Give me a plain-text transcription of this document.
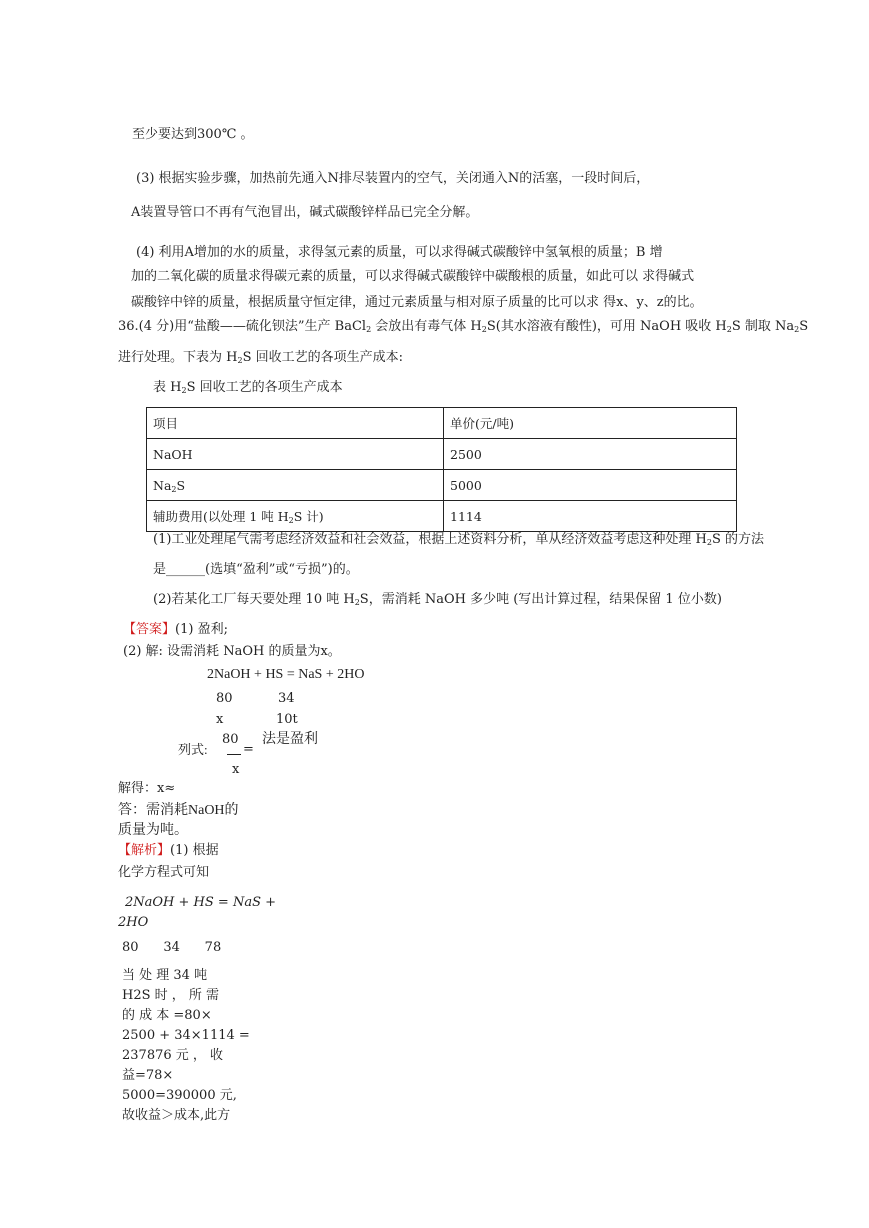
至少要达到300℃ 。
(3) 根据实验步骤，加热前先通入N排尽装置内的空气，关闭通入N的活塞，一段时间后，
A装置导管口不再有气泡冒出，碱式碳酸锌样品已完全分解。
(4) 利用A增加的水的质量，求得氢元素的质量，可以求得碱式碳酸锌中氢氧根的质量；B 增
加的二氧化碳的质量求得碳元素的质量，可以求得碱式碳酸锌中碳酸根的质量，如此可以 求得碱式
碳酸锌中锌的质量，根据质量守恒定律，通过元素质量与相对原子质量的比可以求 得x、y、z的比。
36.(4 分)用“盐酸——硫化钡法”生产 BaCl$_2$ 会放出有毒气体 $H_2S$(其水溶液有酸性)，可用 NaOH 吸收 $H_2S$ 制取 $Na_2S$
进行处理。下表为 $H_2S$ 回收工艺的各项生产成本:
表 $H_2S$ 回收工艺的各项生产成本
项目	单价(元/吨)
NaOH	2500
$Na_2S$	5000
辅助费用(以处理 1 吨 $H_2S$ 计)	1114
(1)工业处理尾气需考虑经济效益和社会效益，根据上述资料分析，单从经济效益考虑这种处理 $H_2S$ 的方法
是______(选填“盈利”或“亏损”)的。
(2)若某化工厂每天要处理 10 吨 $H_2S$，需消耗 NaOH 多少吨 (写出计算过程，结果保留 1 位小数)
【答案】(1) 盈利;
(2) 解: 设需消耗 NaOH 的质量为x。
2NaOH + HS = NaS + 2HO
80	34
x	10t
列式:
80
=
x
法是盈利
解得：x≈
答：需消耗NaOH的
质量为吨。
【解析】(1) 根据
化学方程式可知
2NaOH + HS = NaS +
2HO
80      34      78
当 处 理 34 吨
H2S 时 ， 所 需
的 成 本 =80×
2500 + 34×1114 =
237876 元 ， 收
益=78×
5000=390000 元,
故收益＞成本,此方
